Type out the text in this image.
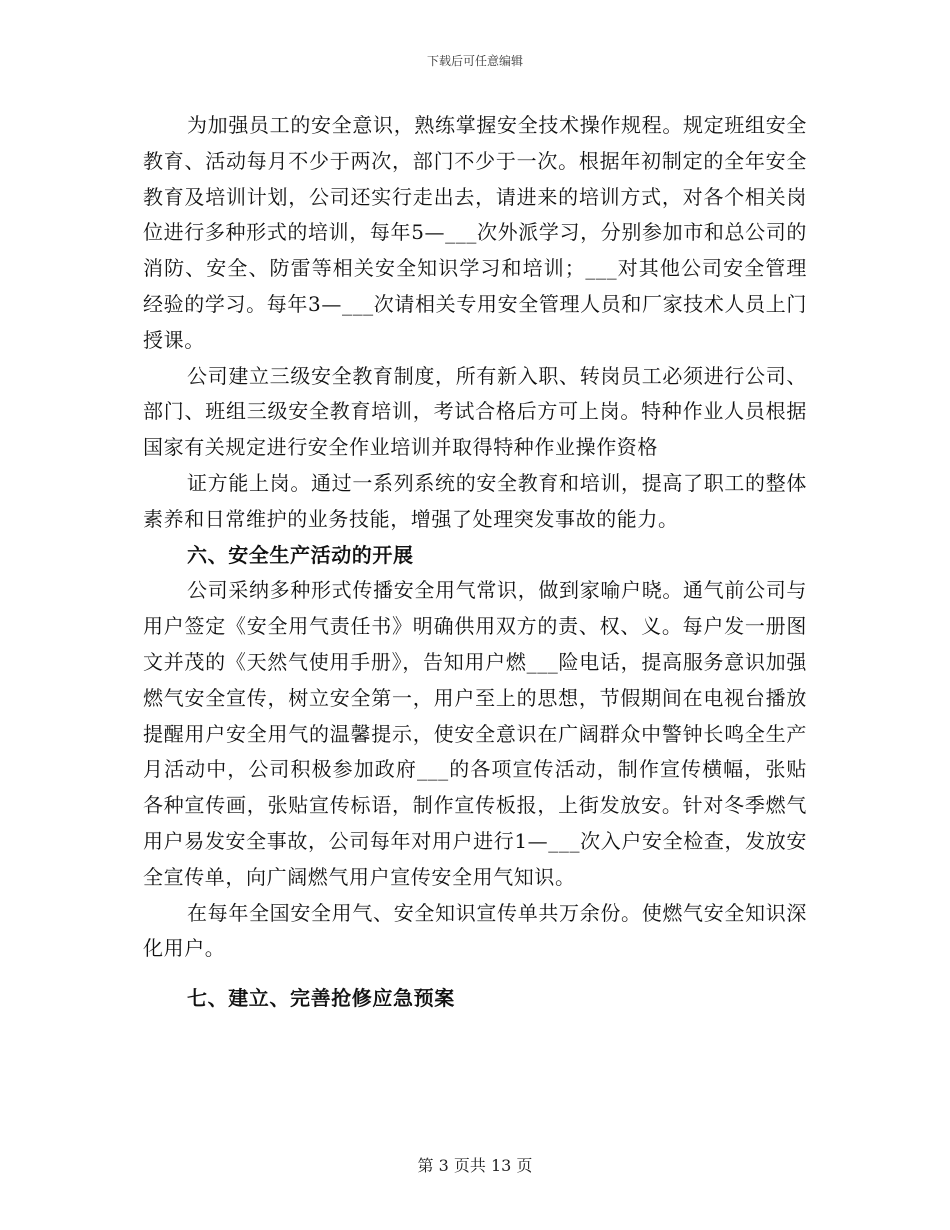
下载后可任意编辑

为加强员工的安全意识，熟练掌握安全技术操作规程。规定班组安全教育、活动每月不少于两次，部门不少于一次。根据年初制定的全年安全教育及培训计划，公司还实行走出去，请进来的培训方式，对各个相关岗位进行多种形式的培训，每年5—___次外派学习，分别参加市和总公司的消防、安全、防雷等相关安全知识学习和培训；___对其他公司安全管理经验的学习。每年3—___次请相关专用安全管理人员和厂家技术人员上门授课。

公司建立三级安全教育制度，所有新入职、转岗员工必须进行公司、部门、班组三级安全教育培训，考试合格后方可上岗。特种作业人员根据国家有关规定进行安全作业培训并取得特种作业操作资格

证方能上岗。通过一系列系统的安全教育和培训，提高了职工的整体素养和日常维护的业务技能，增强了处理突发事故的能力。

六、安全生产活动的开展

公司采纳多种形式传播安全用气常识，做到家喻户晓。通气前公司与用户签定《安全用气责任书》明确供用双方的责、权、义。每户发一册图文并茂的《天然气使用手册》，告知用户燃___险电话，提高服务意识加强燃气安全宣传，树立安全第一，用户至上的思想，节假期间在电视台播放提醒用户安全用气的温馨提示，使安全意识在广阔群众中警钟长鸣全生产月活动中，公司积极参加政府___的各项宣传活动，制作宣传横幅，张贴各种宣传画，张贴宣传标语，制作宣传板报，上街发放安。针对冬季燃气用户易发安全事故，公司每年对用户进行1—___次入户安全检查，发放安全宣传单，向广阔燃气用户宣传安全用气知识。

在每年全国安全用气、安全知识宣传单共万余份。使燃气安全知识深化用户。

七、建立、完善抢修应急预案

第 3 页共 13 页
